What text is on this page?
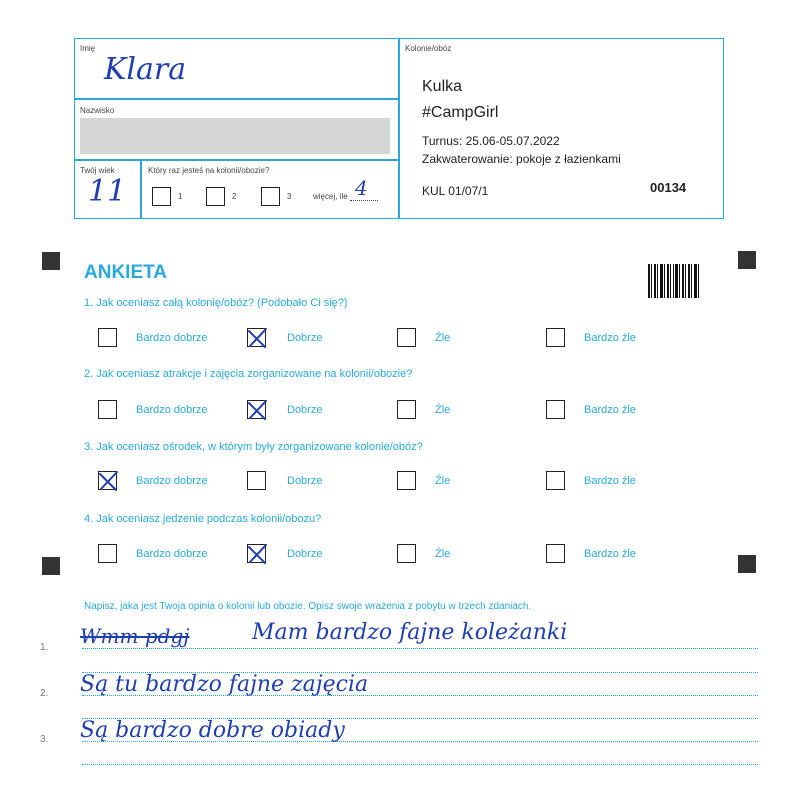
Imię
Klara
Nazwisko
Twój wiek
11
Który raz jesteś na kolonii/obozie?
1	2	3	więcej, ile 4
Kolonie/obóz
Kulka
#CampGirl
Turnus: 25.06-05.07.2022
Zakwaterowanie: pokoje z łazienkami
KUL 01/07/1	00134
ANKIETA
1. Jak oceniasz całą kolonię/obóz? (Podobało Ci się?)
Bardzo dobrze	Dobrze	Źle	Bardzo źle
2. Jak oceniasz atrakcje i zajęcia zorganizowane na kolonii/obozie?
Bardzo dobrze	Dobrze	Źle	Bardzo źle
3. Jak oceniasz ośrodek, w którym były zorganizowane kolonie/obóz?
Bardzo dobrze	Dobrze	Źle	Bardzo źle
4. Jak oceniasz jedzenie podczas kolonii/obozu?
Bardzo dobrze	Dobrze	Źle	Bardzo źle
Napisz, jaka jest Twoja opinia o kolonii lub obozie. Opisz swoje wrażenia z pobytu w trzech zdaniach.
1.
2.
3.
Wmm pdgj	Mam bardzo fajne koleżanki
Są tu bardzo fajne zajęcia
Są bardzo dobre obiady
